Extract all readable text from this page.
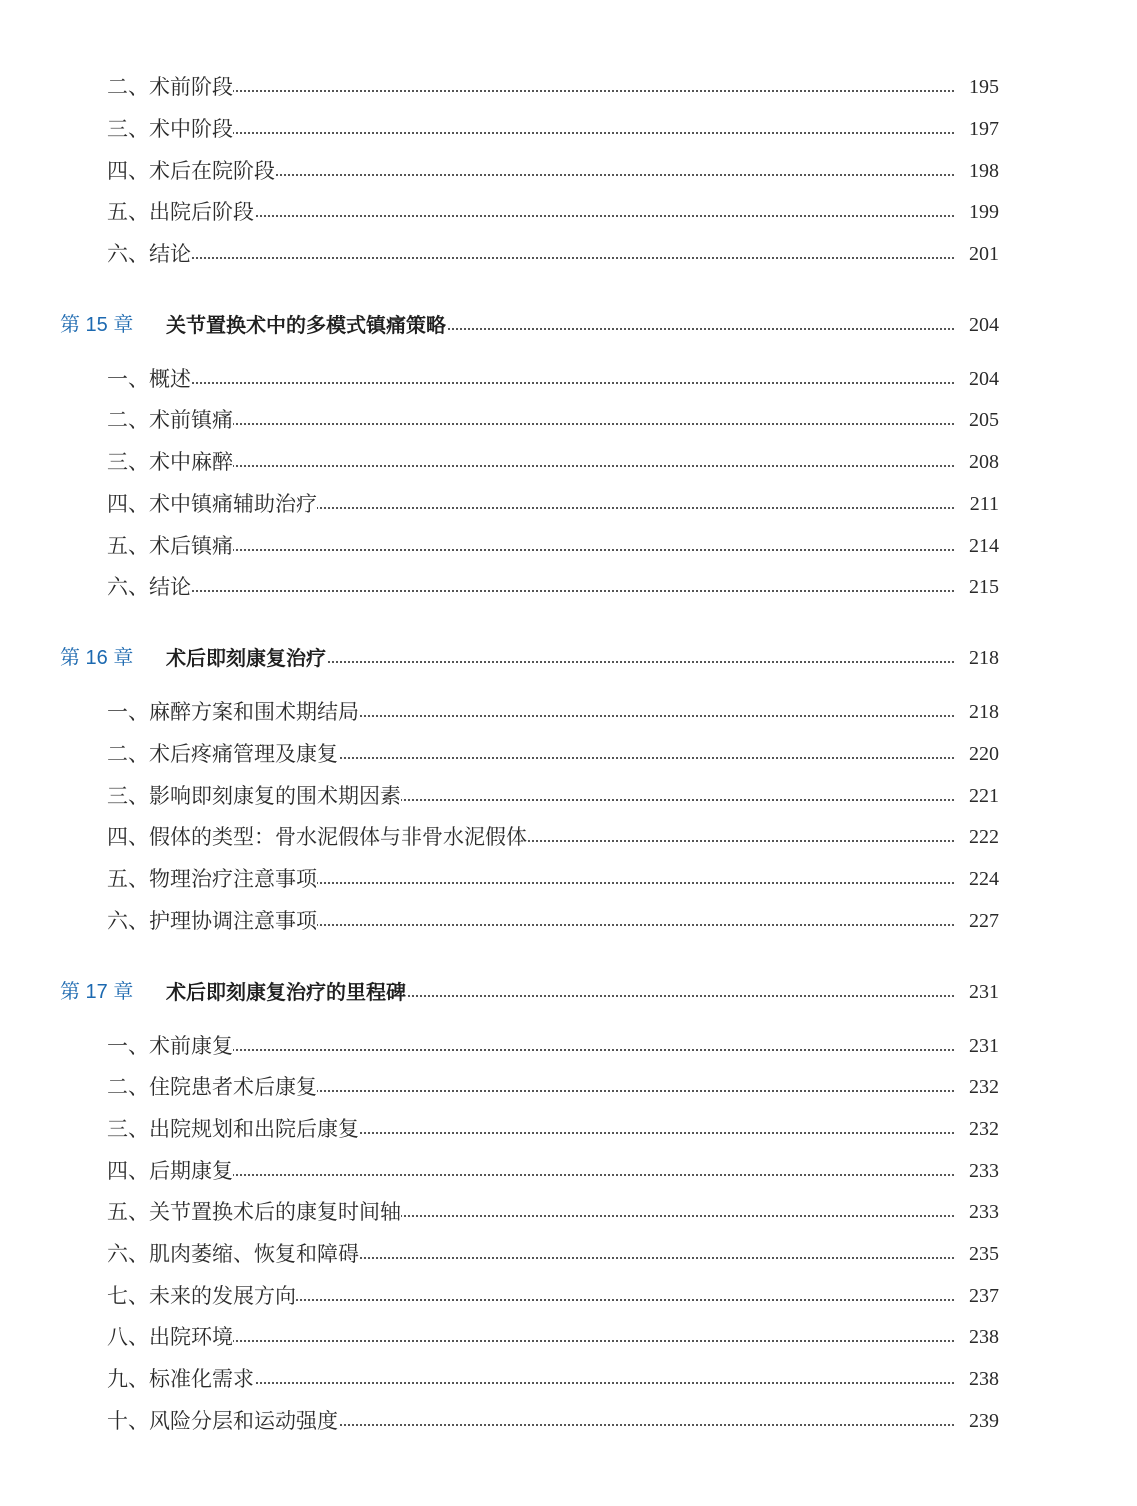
二、术前阶段	195
三、术中阶段	197
四、术后在院阶段	198
五、出院后阶段	199
六、结论	201
第 15 章 关节置换术中的多模式镇痛策略	204
一、概述	204
二、术前镇痛	205
三、术中麻醉	208
四、术中镇痛辅助治疗	211
五、术后镇痛	214
六、结论	215
第 16 章 术后即刻康复治疗	218
一、麻醉方案和围术期结局	218
二、术后疼痛管理及康复	220
三、影响即刻康复的围术期因素	221
四、假体的类型：骨水泥假体与非骨水泥假体	222
五、物理治疗注意事项	224
六、护理协调注意事项	227
第 17 章 术后即刻康复治疗的里程碑	231
一、术前康复	231
二、住院患者术后康复	232
三、出院规划和出院后康复	232
四、后期康复	233
五、关节置换术后的康复时间轴	233
六、肌肉萎缩、恢复和障碍	235
七、未来的发展方向	237
八、出院环境	238
九、标准化需求	238
十、风险分层和运动强度	239
